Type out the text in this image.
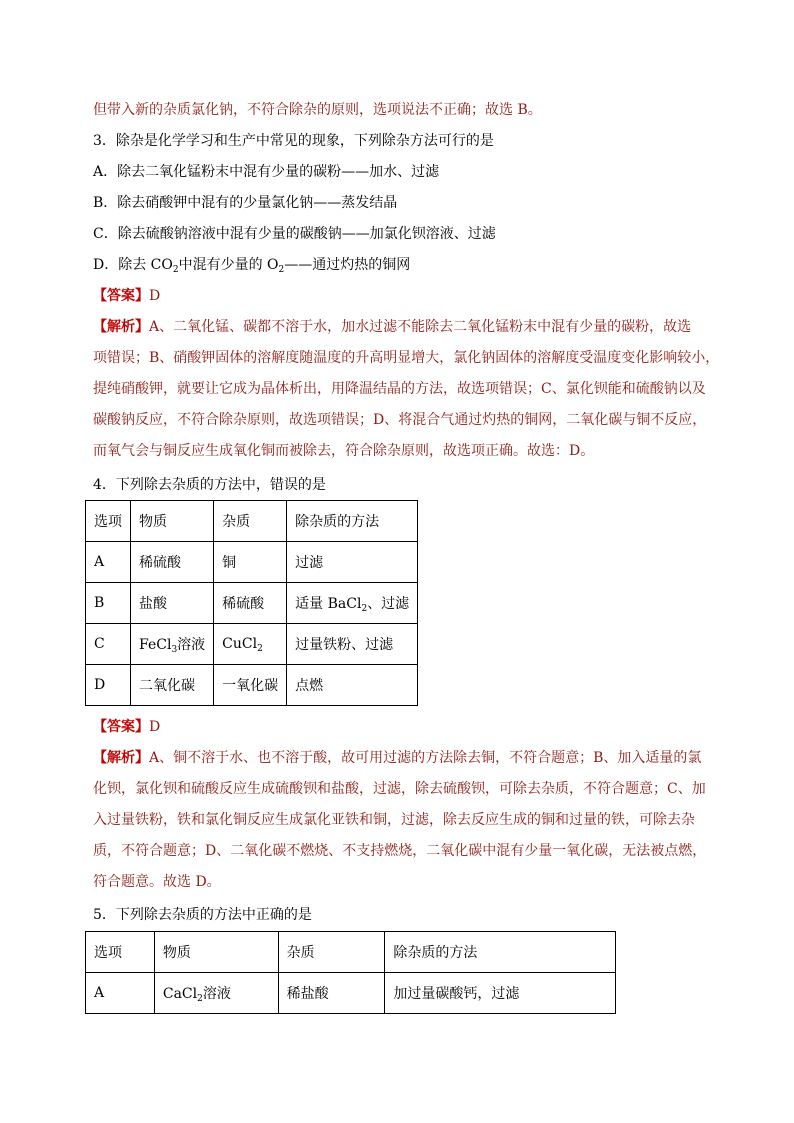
但带入新的杂质氯化钠，不符合除杂的原则，选项说法不正确；故选 B。
3．除杂是化学学习和生产中常见的现象，下列除杂方法可行的是
A．除去二氧化锰粉末中混有少量的碳粉——加水、过滤
B．除去硝酸钾中混有的少量氯化钠——蒸发结晶
C．除去硫酸钠溶液中混有少量的碳酸钠——加氯化钡溶液、过滤
D．除去 $CO_2$中混有少量的 $O_2——$通过灼热的铜网
【答案】D
【解析】A、二氧化锰、碳都不溶于水，加水过滤不能除去二氧化锰粉末中混有少量的碳粉，故选
项错误；B、硝酸钾固体的溶解度随温度的升高明显增大，氯化钠固体的溶解度受温度变化影响较小，
提纯硝酸钾，就要让它成为晶体析出，用降温结晶的方法，故选项错误；C、氯化钡能和硫酸钠以及
碳酸钠反应，不符合除杂原则，故选项错误；D、将混合气通过灼热的铜网，二氧化碳与铜不反应，
而氧气会与铜反应生成氧化铜而被除去，符合除杂原则，故选项正确。故选：D。
4．下列除去杂质的方法中，错误的是
选项	物质	杂质	除杂质的方法
A	稀硫酸	铜	过滤
B	盐酸	稀硫酸	适量 BaCl$_2$、过滤
C	FeCl$_3$溶液	CuCl$_2$	过量铁粉、过滤
D	二氧化碳	一氧化碳	点燃
【答案】D
【解析】A、铜不溶于水、也不溶于酸，故可用过滤的方法除去铜，不符合题意；B、加入适量的氯
化钡，氯化钡和硫酸反应生成硫酸钡和盐酸，过滤，除去硫酸钡，可除去杂质，不符合题意；C、加
入过量铁粉，铁和氯化铜反应生成氯化亚铁和铜，过滤，除去反应生成的铜和过量的铁，可除去杂
质，不符合题意；D、二氧化碳不燃烧、不支持燃烧，二氧化碳中混有少量一氧化碳，无法被点燃，
符合题意。故选 D。
5．下列除去杂质的方法中正确的是
选项	物质	杂质	除杂质的方法
A	CaCl$_2$溶液	稀盐酸	加过量碳酸钙，过滤
